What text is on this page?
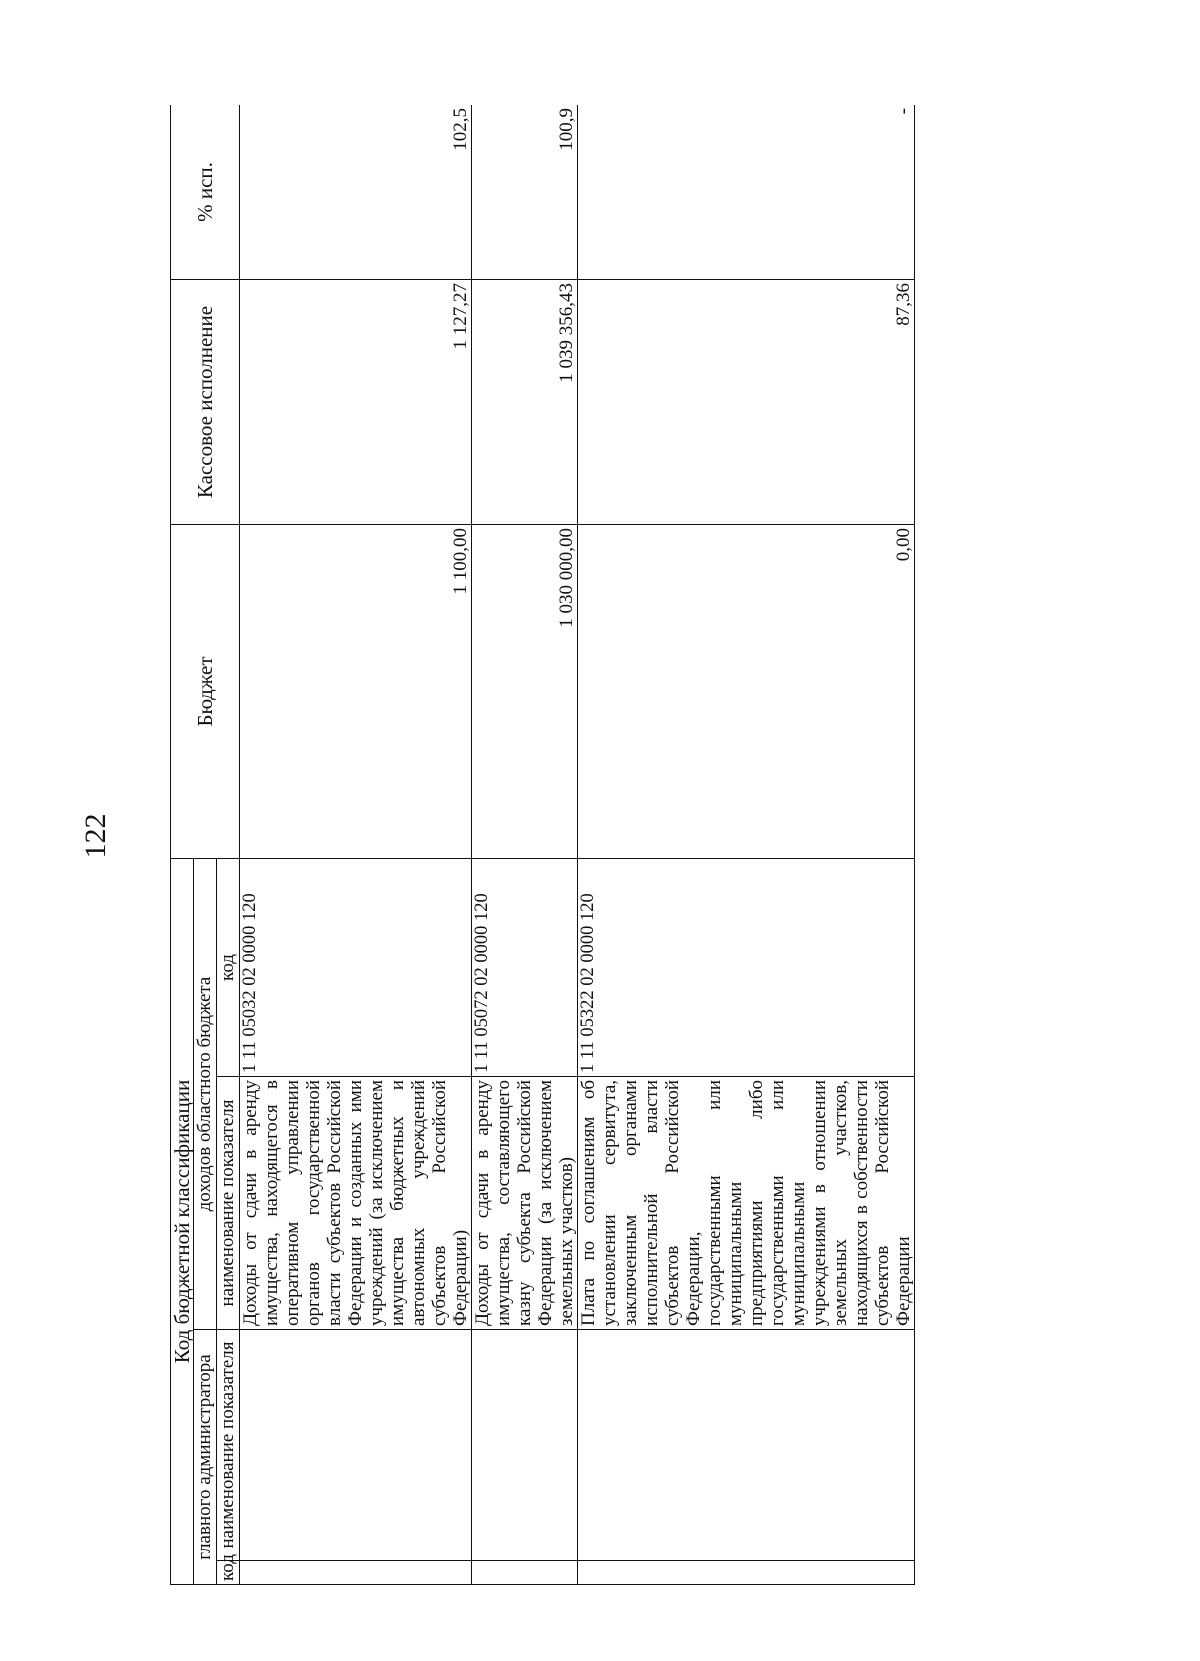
122
Код бюджетной классификации				Бюджет	Кассовое исполнение	% исп.
главного администратора		доходов областного бюджета				
код	наименование показателя	наименование показателя	код			
		Доходы от сдачи в аренду имущества, находящегося в оперативном управлении органов государственной власти субъектов Российской Федерации и созданных ими учреждений (за исключением имущества бюджетных и автономных учреждений субъектов Российской Федерации)	1 11 05032 02 0000 120	1 100,00	1 127,27	102,5
		Доходы от сдачи в аренду имущества, составляющего казну субъекта Российской Федерации (за исключением земельных участков)	1 11 05072 02 0000 120	1 030 000,00	1 039 356,43	100,9
		Плата по соглашениям об установлении сервитута, заключенным органами исполнительной власти субъектов Российской Федерации, государственными или муниципальными предприятиями либо государственными или муниципальными учреждениями в отношении земельных участков, находящихся в собственности субъектов Российской Федерации	1 11 05322 02 0000 120	0,00	87,36	-
